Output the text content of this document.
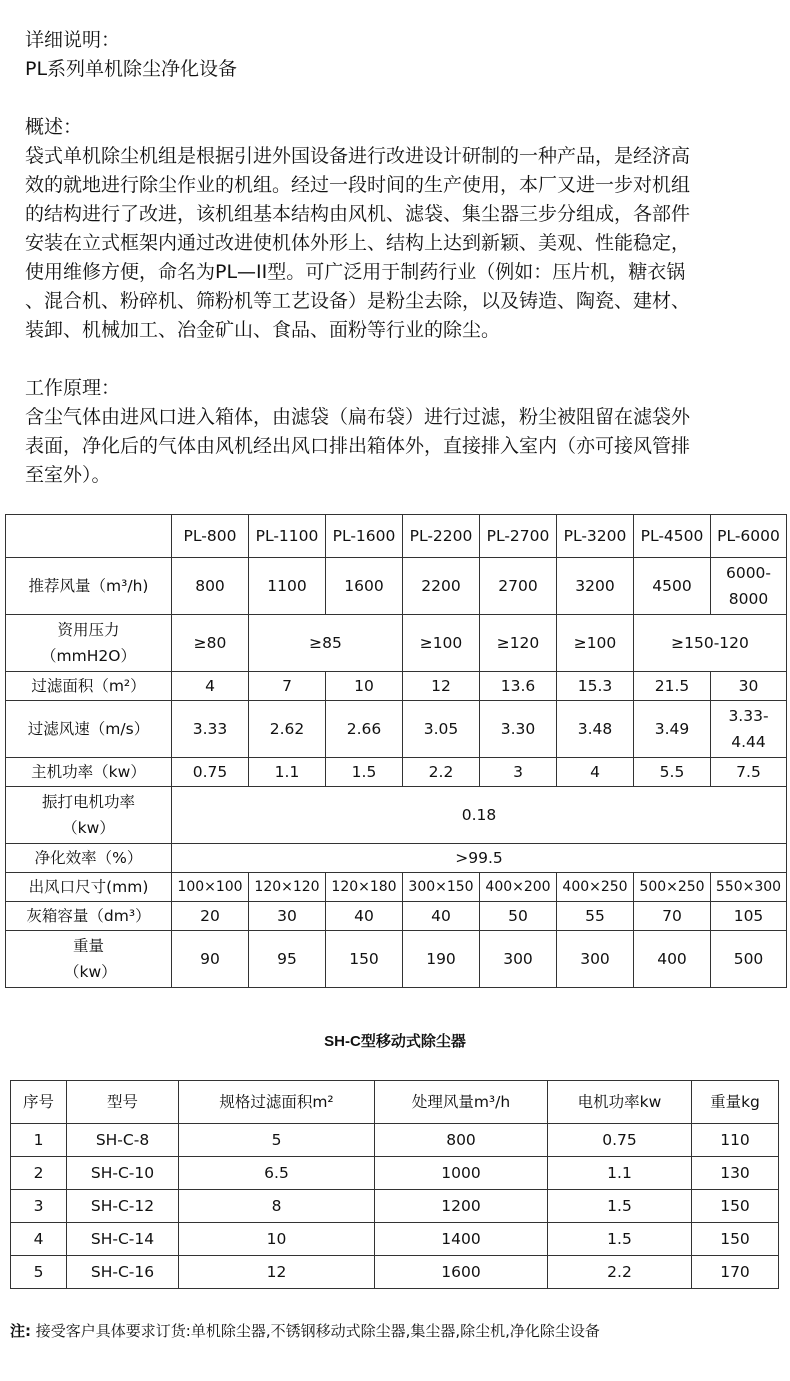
详细说明：

PL系列单机除尘净化设备

概述：

袋式单机除尘机组是根据引进外国设备进行改进设计研制的一种产品，是经济高

效的就地进行除尘作业的机组。经过一段时间的生产使用，本厂又进一步对机组

的结构进行了改进，该机组基本结构由风机、滤袋、集尘器三步分组成，各部件

安装在立式框架内通过改进使机体外形上、结构上达到新颖、美观、性能稳定，

使用维修方便，命名为PL—II型。可广泛用于制药行业（例如：压片机，糖衣锅

、混合机、粉碎机、筛粉机等工艺设备）是粉尘去除，以及铸造、陶瓷、建材、

装卸、机械加工、冶金矿山、食品、面粉等行业的除尘。

工作原理：

含尘气体由进风口进入箱体，由滤袋（扁布袋）进行过滤，粉尘被阻留在滤袋外

表面，净化后的气体由风机经出风口排出箱体外，直接排入室内（亦可接风管排

至室外）。

	PL-800	PL-1100	PL-1600	PL-2200	PL-2700	PL-3200	PL-4500	PL-6000
推荐风量（m³/h)	800	1100	1600	2200	2700	3200	4500	6000-8000
资用压力（mmH2O）	≥80	≥85		≥100	≥120	≥100	≥150-120	
过滤面积（m²）	4	7	10	12	13.6	15.3	21.5	30
过滤风速（m/s）	3.33	2.62	2.66	3.05	3.30	3.48	3.49	3.33-4.44
主机功率（kw）	0.75	1.1	1.5	2.2	3	4	5.5	7.5
振打电机功率（kw）	0.18							
净化效率（%）	>99.5							
出风口尺寸(mm)	100×100	120×120	120×180	300×150	400×200	400×250	500×250	550×300
灰箱容量（dm³）	20	30	40	40	50	55	70	105
重量（kw）	90	95	150	190	300	300	400	500
SH-C型移动式除尘器
序号	型号	规格过滤面积m²	处理风量m³/h	电机功率kw	重量kg
1	SH-C-8	5	800	0.75	110
2	SH-C-10	6.5	1000	1.1	130
3	SH-C-12	8	1200	1.5	150
4	SH-C-14	10	1400	1.5	150
5	SH-C-16	12	1600	2.2	170
注: 接受客户具体要求订货:单机除尘器,不锈钢移动式除尘器,集尘器,除尘机,净化除尘设备
